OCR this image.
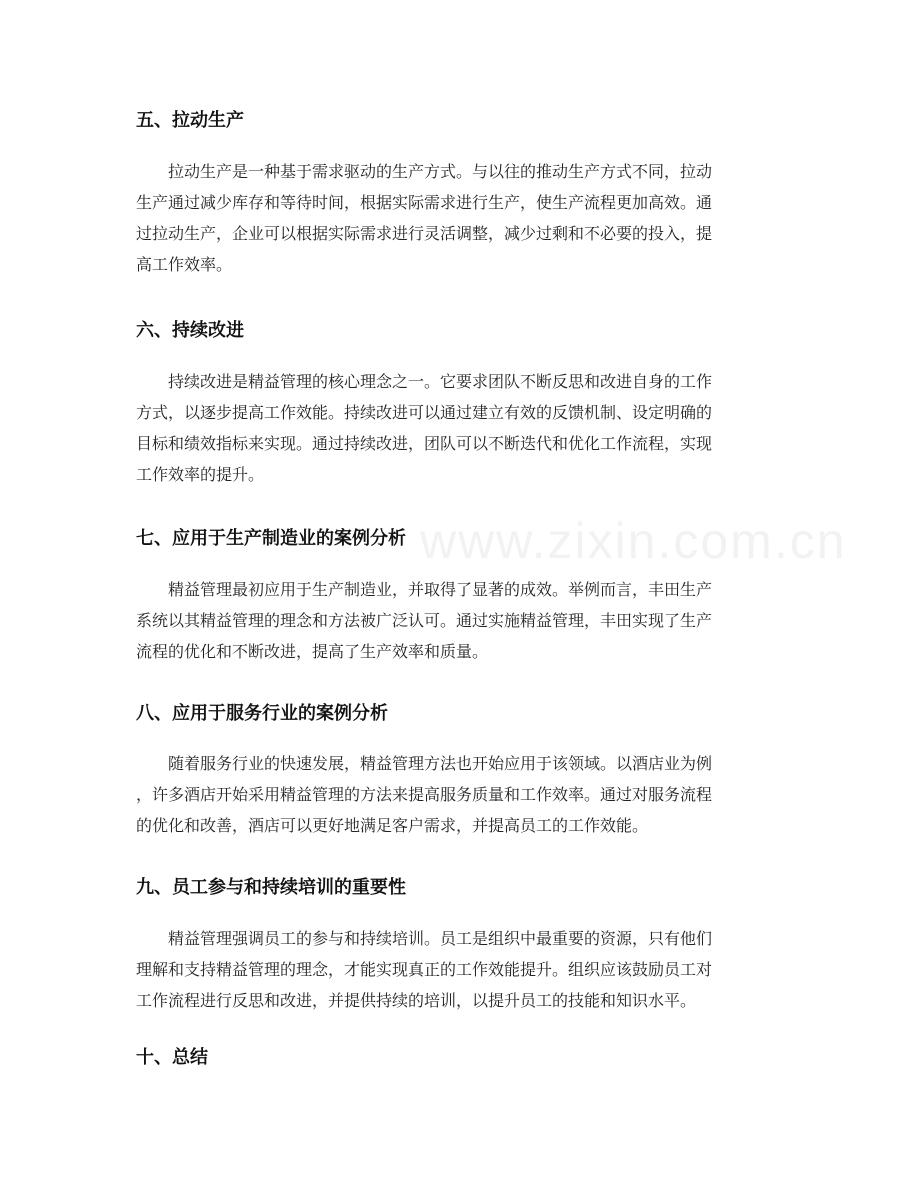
www.zixin.com.cn
五、拉动生产
拉动生产是一种基于需求驱动的生产方式。与以往的推动生产方式不同，拉动
生产通过减少库存和等待时间，根据实际需求进行生产，使生产流程更加高效。通
过拉动生产，企业可以根据实际需求进行灵活调整，减少过剩和不必要的投入，提
高工作效率。
六、持续改进
持续改进是精益管理的核心理念之一。它要求团队不断反思和改进自身的工作
方式，以逐步提高工作效能。持续改进可以通过建立有效的反馈机制、设定明确的
目标和绩效指标来实现。通过持续改进，团队可以不断迭代和优化工作流程，实现
工作效率的提升。
七、应用于生产制造业的案例分析
精益管理最初应用于生产制造业，并取得了显著的成效。举例而言，丰田生产
系统以其精益管理的理念和方法被广泛认可。通过实施精益管理，丰田实现了生产
流程的优化和不断改进，提高了生产效率和质量。
八、应用于服务行业的案例分析
随着服务行业的快速发展，精益管理方法也开始应用于该领域。以酒店业为例
，许多酒店开始采用精益管理的方法来提高服务质量和工作效率。通过对服务流程
的优化和改善，酒店可以更好地满足客户需求，并提高员工的工作效能。
九、员工参与和持续培训的重要性
精益管理强调员工的参与和持续培训。员工是组织中最重要的资源，只有他们
理解和支持精益管理的理念，才能实现真正的工作效能提升。组织应该鼓励员工对
工作流程进行反思和改进，并提供持续的培训，以提升员工的技能和知识水平。
十、总结
